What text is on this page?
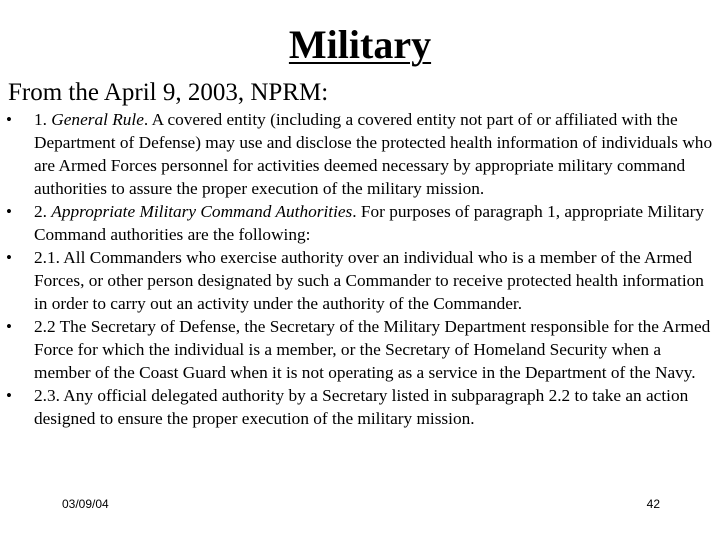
Military
From the April 9, 2003, NPRM:
• 1. General Rule. A covered entity (including a covered entity not part of or affiliated with the Department of Defense) may use and disclose the protected health information of individuals who are Armed Forces personnel for activities deemed necessary by appropriate military command authorities to assure the proper execution of the military mission.
• 2. Appropriate Military Command Authorities. For purposes of paragraph 1, appropriate Military Command authorities are the following:
• 2.1. All Commanders who exercise authority over an individual who is a member of the Armed Forces, or other person designated by such a Commander to receive protected health information in order to carry out an activity under the authority of the Commander.
• 2.2 The Secretary of Defense, the Secretary of the Military Department responsible for the Armed Force for which the individual is a member, or the Secretary of Homeland Security when a member of the Coast Guard when it is not operating as a service in the Department of the Navy.
• 2.3. Any official delegated authority by a Secretary listed in subparagraph 2.2 to take an action designed to ensure the proper execution of the military mission.
03/09/04	42
